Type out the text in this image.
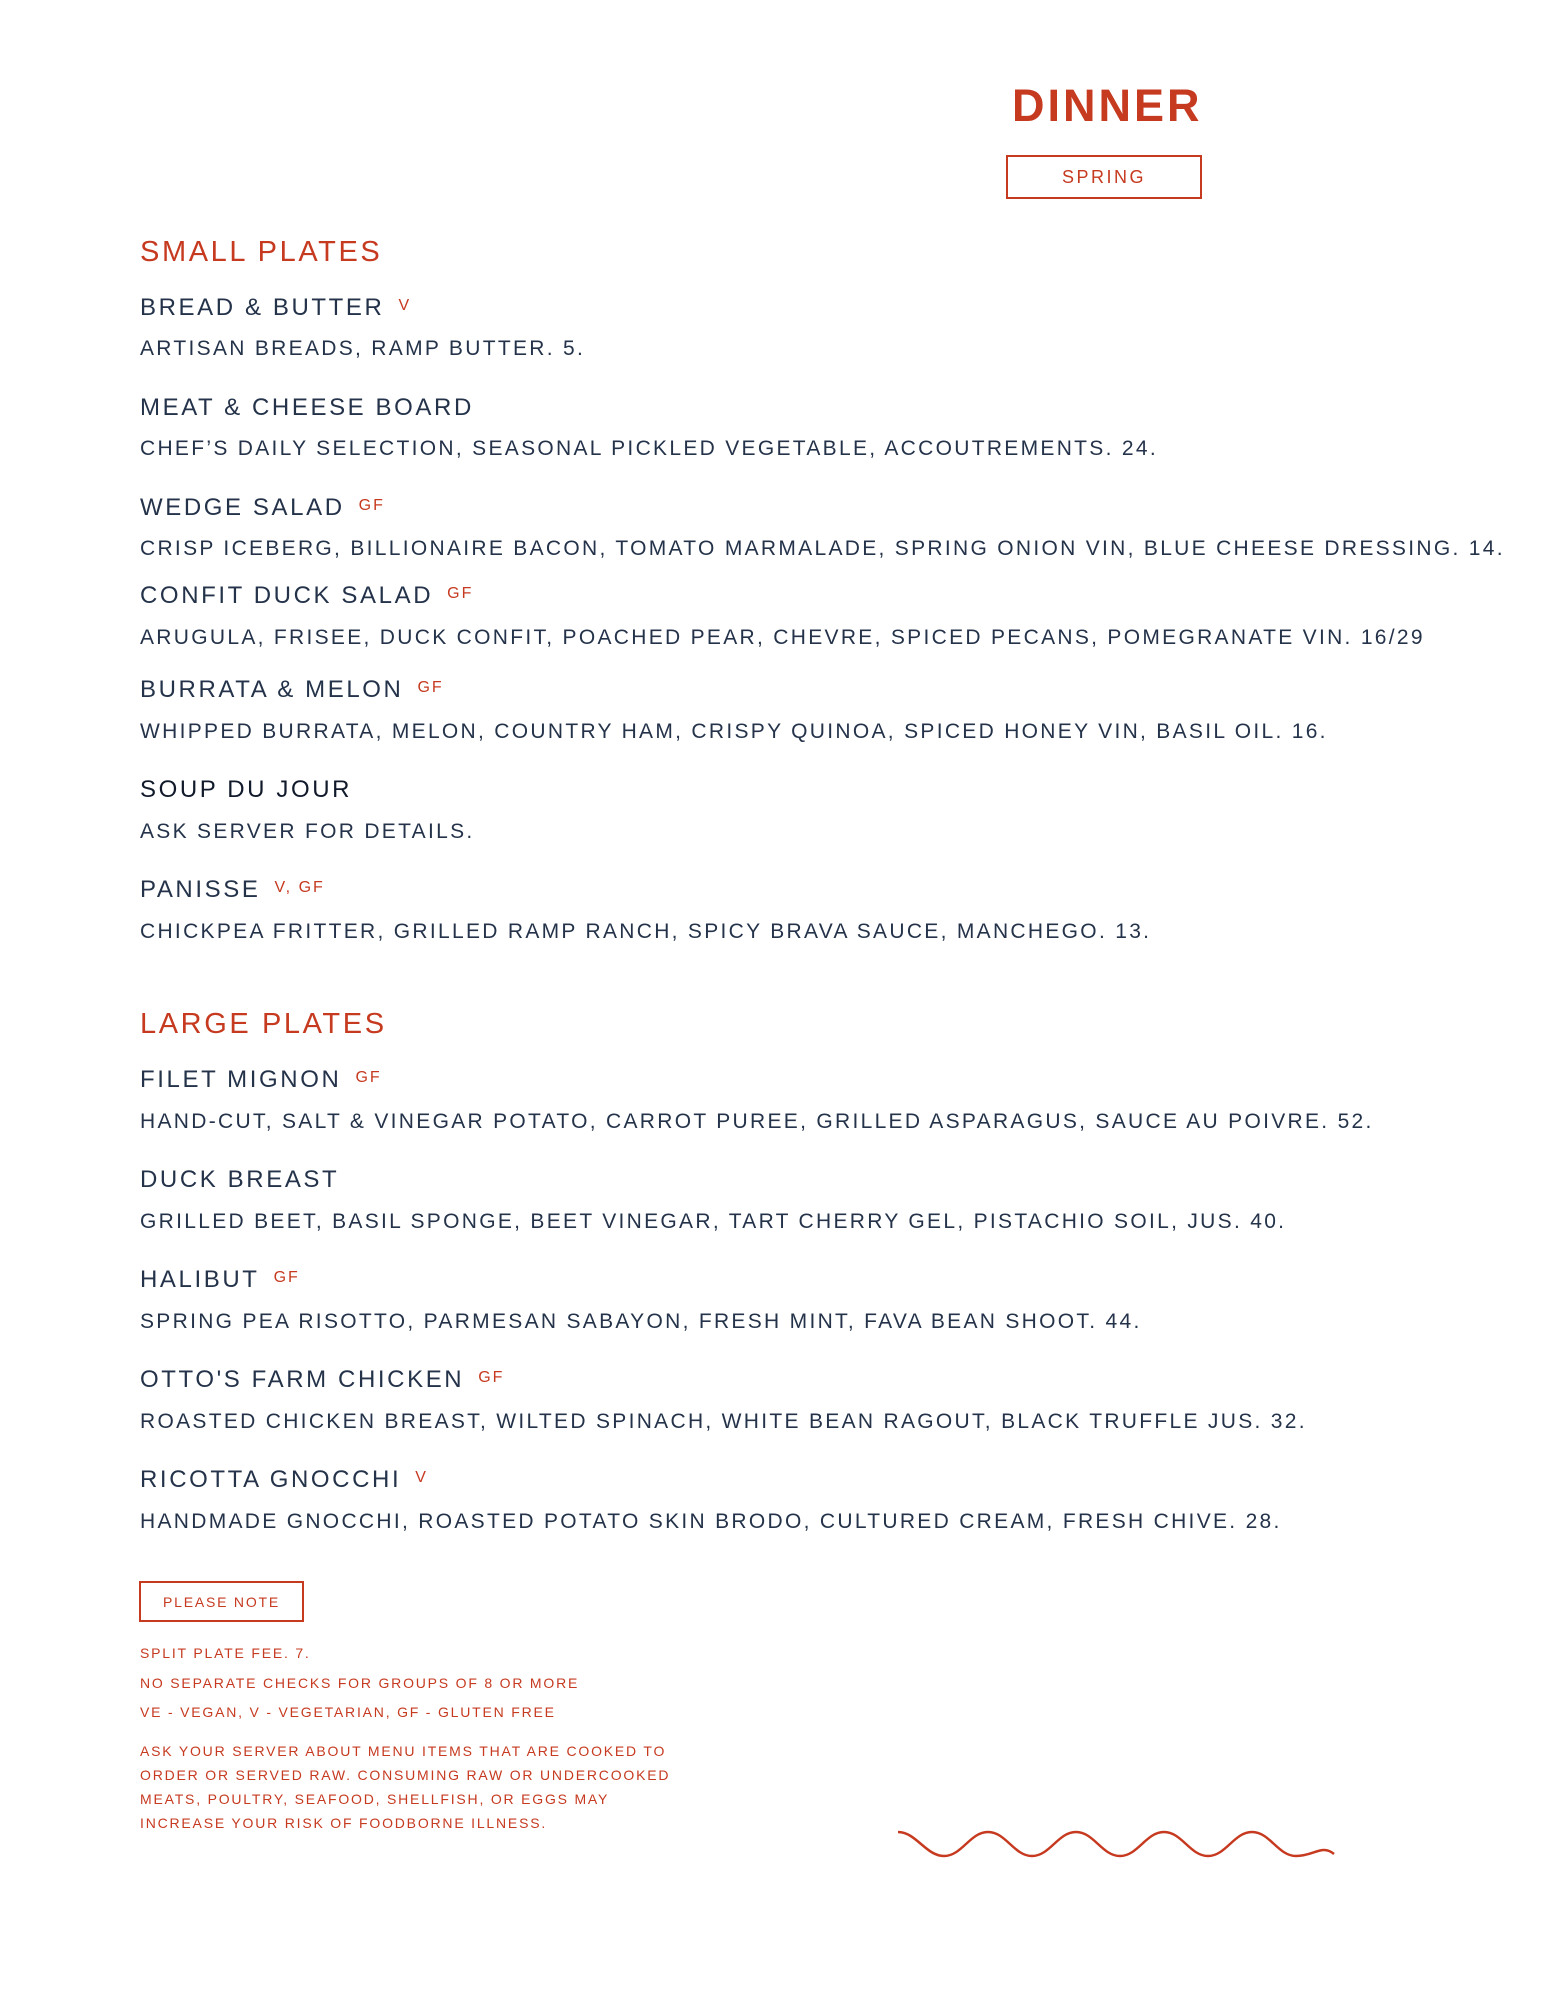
DINNER
SPRING
SMALL PLATES
BREAD & BUTTER $^V$
ARTISAN BREADS, RAMP BUTTER. 5.
MEAT & CHEESE BOARD
CHEF’S DAILY SELECTION, SEASONAL PICKLED VEGETABLE, ACCOUTREMENTS. 24.
WEDGE SALAD $^{GF}$
CRISP ICEBERG, BILLIONAIRE BACON, TOMATO MARMALADE, SPRING ONION VIN, BLUE CHEESE DRESSING. 14.
CONFIT DUCK SALAD $^{GF}$
ARUGULA, FRISEE, DUCK CONFIT, POACHED PEAR, CHEVRE, SPICED PECANS, POMEGRANATE VIN. 16/29
BURRATA & MELON $^{GF}$
WHIPPED BURRATA, MELON, COUNTRY HAM, CRISPY QUINOA, SPICED HONEY VIN, BASIL OIL. 16.
SOUP DU JOUR
ASK SERVER FOR DETAILS.
PANISSE $^{V, GF}$
CHICKPEA FRITTER, GRILLED RAMP RANCH, SPICY BRAVA SAUCE, MANCHEGO. 13.
LARGE PLATES
FILET MIGNON $^{GF}$
HAND-CUT, SALT & VINEGAR POTATO, CARROT PUREE, GRILLED ASPARAGUS, SAUCE AU POIVRE. 52.
DUCK BREAST
GRILLED BEET, BASIL SPONGE, BEET VINEGAR, TART CHERRY GEL, PISTACHIO SOIL, JUS. 40.
HALIBUT $^{GF}$
SPRING PEA RISOTTO, PARMESAN SABAYON, FRESH MINT, FAVA BEAN SHOOT. 44.
OTTO'S FARM CHICKEN $^{GF}$
ROASTED CHICKEN BREAST, WILTED SPINACH, WHITE BEAN RAGOUT, BLACK TRUFFLE JUS. 32.
RICOTTA GNOCCHI $^V$
HANDMADE GNOCCHI, ROASTED POTATO SKIN BRODO, CULTURED CREAM, FRESH CHIVE. 28.
PLEASE NOTE
SPLIT PLATE FEE. 7.
NO SEPARATE CHECKS FOR GROUPS OF 8 OR MORE
VE - VEGAN, V - VEGETARIAN, GF - GLUTEN FREE
ASK YOUR SERVER ABOUT MENU ITEMS THAT ARE COOKED TO ORDER OR SERVED RAW. CONSUMING RAW OR UNDERCOOKED MEATS, POULTRY, SEAFOOD, SHELLFISH, OR EGGS MAY INCREASE YOUR RISK OF FOODBORNE ILLNESS.
